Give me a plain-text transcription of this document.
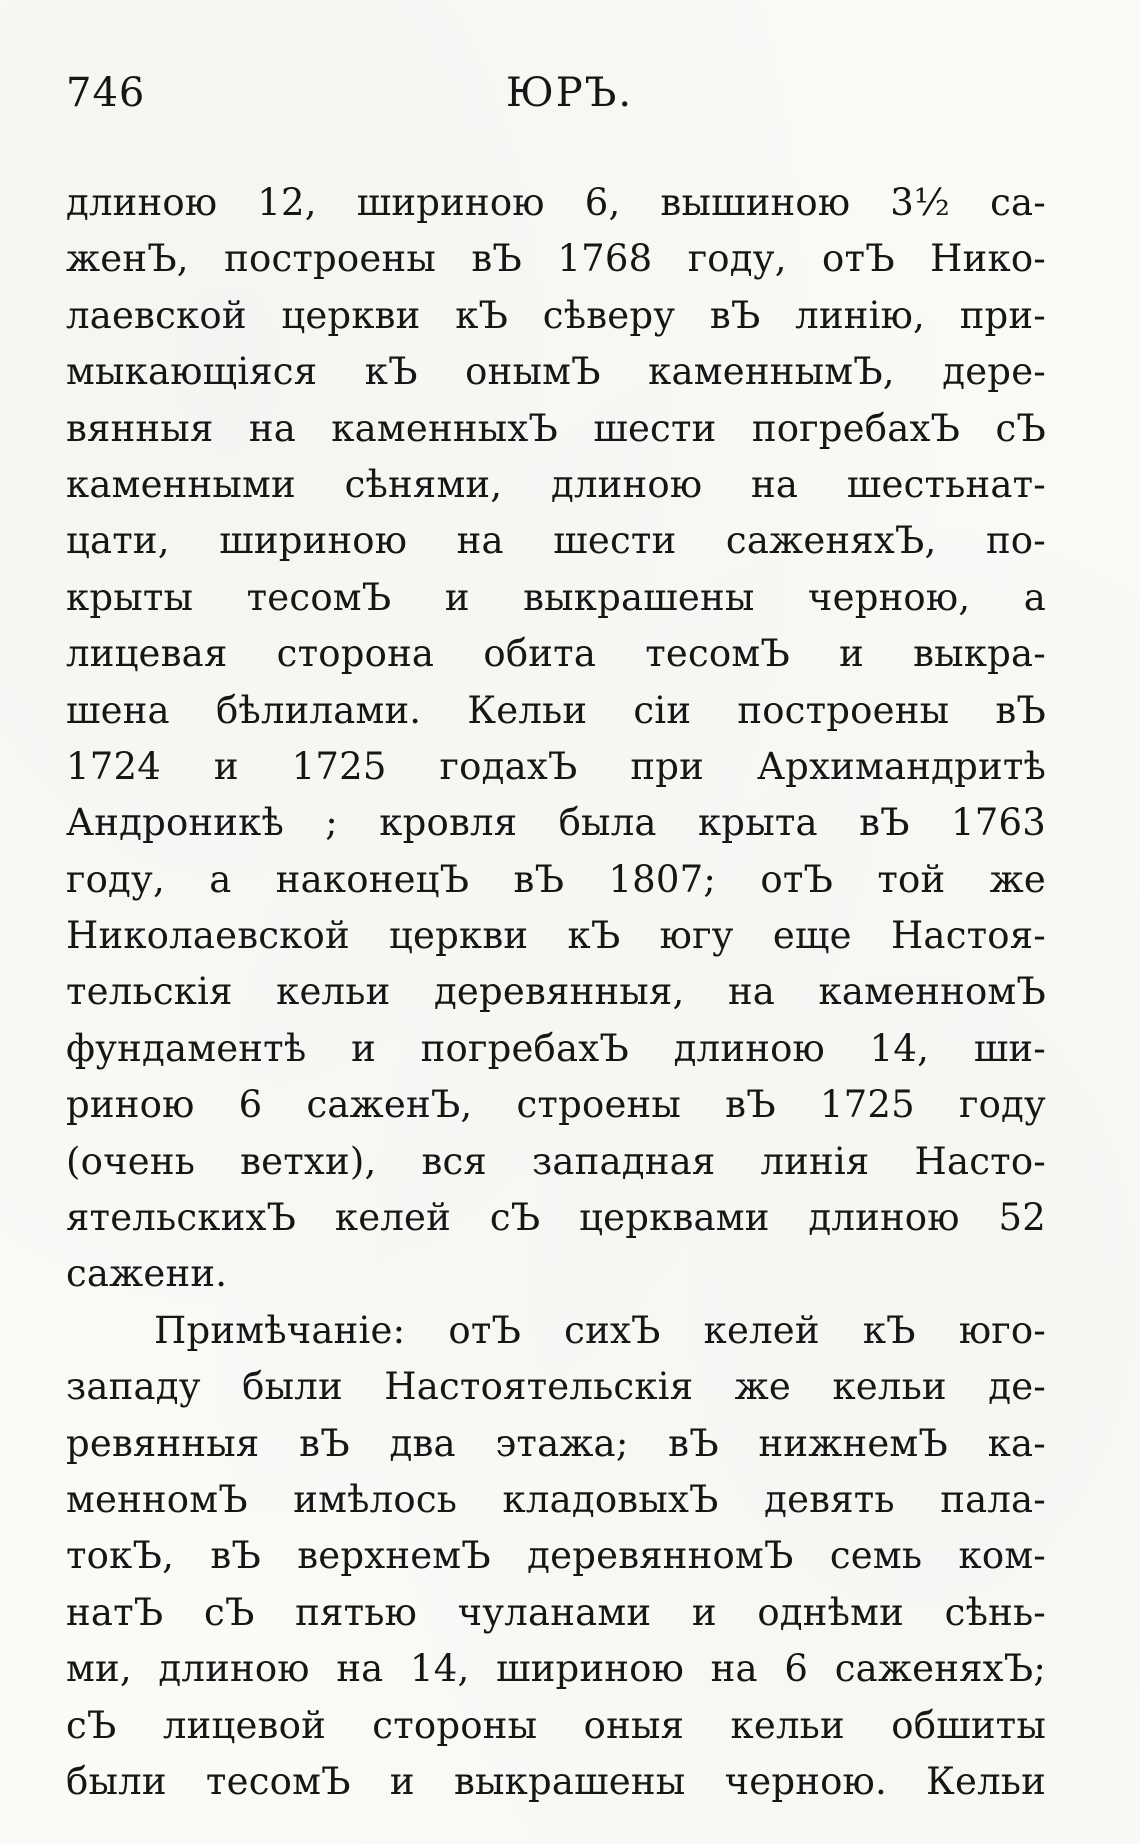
746	ЮРЪ.
длиною 12, шириною 6, вышиною 3½ са-
женЪ, построены вЪ 1768 году, отЪ Нико-
лаевской церкви кЪ сѣверу вЪ линiю, при-
мыкающiяся кЪ онымЪ каменнымЪ, дере-
вянныя на каменныхЪ шести погребахЪ сЪ
каменными сѣнями, длиною на шестьнат-
цати, шириною на шести саженяхЪ, по-
крыты тесомЪ и выкрашены черною, а
лицевая сторона обита тесомЪ и выкра-
шена бѣлилами. Кельи сiи построены вЪ
1724 и 1725 годахЪ при Архимандритѣ
Андроникѣ ; кровля была крыта вЪ 1763
году, а наконецЪ вЪ 1807; отЪ той же
Николаевской церкви кЪ югу еще Настоя-
тельскiя кельи деревянныя, на каменномЪ
фундаментѣ и погребахЪ длиною 14, ши-
риною 6 саженЪ, строены вЪ 1725 году
(очень ветхи), вся западная линiя Насто-
ятельскихЪ келей сЪ церквами длиною 52
сажени.
Примѣчанiе: отЪ сихЪ келей кЪ юго-
западу были Настоятельскiя же кельи де-
ревянныя вЪ два этажа; вЪ нижнемЪ ка-
менномЪ имѣлось кладовыхЪ девять пала-
токЪ, вЪ верхнемЪ деревянномЪ семь ком-
натЪ сЪ пятью чуланами и однѣми сѣнь-
ми, длиною на 14, шириною на 6 саженяхЪ;
сЪ лицевой стороны оныя кельи обшиты
были тесомЪ и выкрашены черною. Кельи
